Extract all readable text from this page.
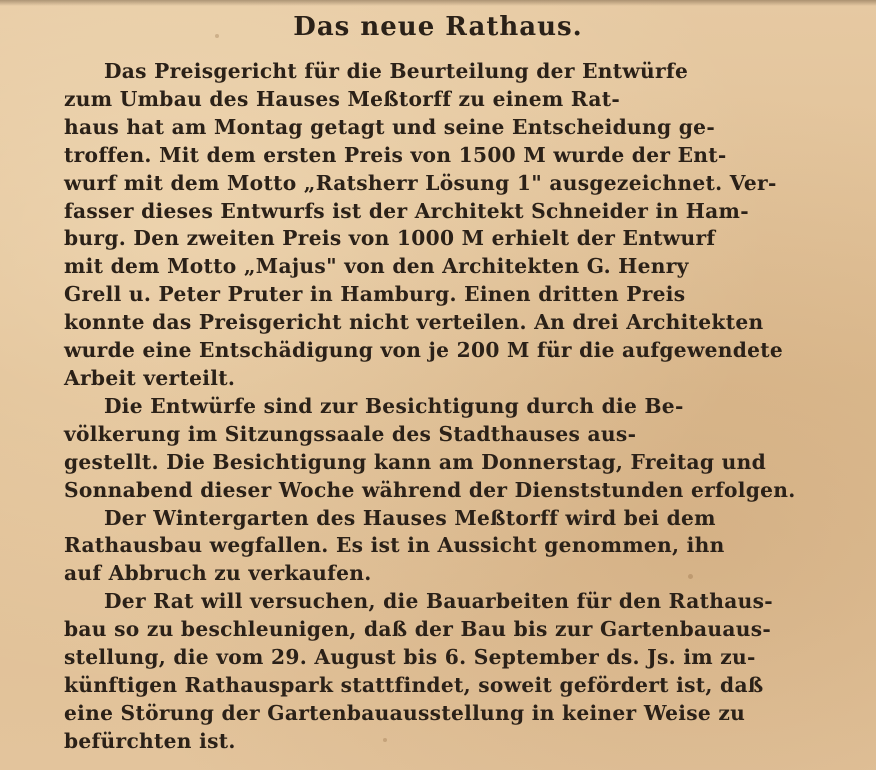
Das neue Rathaus.

Das Preisgericht für die Beurteilung der Entwürfe
zum Umbau des Hauses Meßtorff zu einem Rat-
haus hat am Montag getagt und seine Entscheidung ge-
troffen. Mit dem ersten Preis von 1500 M wurde der Ent-
wurf mit dem Motto „Ratsherr Lösung 1" ausgezeichnet. Ver-
fasser dieses Entwurfs ist der Architekt Schneider in Ham-
burg. Den zweiten Preis von 1000 M erhielt der Entwurf
mit dem Motto „Majus" von den Architekten G. Henry
Grell u. Peter Pruter in Hamburg. Einen dritten Preis
konnte das Preisgericht nicht verteilen. An drei Architekten
wurde eine Entschädigung von je 200 M für die aufgewendete
Arbeit verteilt.

Die Entwürfe sind zur Besichtigung durch die Be-
völkerung im Sitzungssaale des Stadthauses aus-
gestellt. Die Besichtigung kann am Donnerstag, Freitag und
Sonnabend dieser Woche während der Dienststunden erfolgen.

Der Wintergarten des Hauses Meßtorff wird bei dem
Rathausbau wegfallen. Es ist in Aussicht genommen, ihn
auf Abbruch zu verkaufen.

Der Rat will versuchen, die Bauarbeiten für den Rathaus-
bau so zu beschleunigen, daß der Bau bis zur Gartenbauaus-
stellung, die vom 29. August bis 6. September ds. Js. im zu-
künftigen Rathauspark stattfindet, soweit gefördert ist, daß
eine Störung der Gartenbauausstellung in keiner Weise zu
befürchten ist.
